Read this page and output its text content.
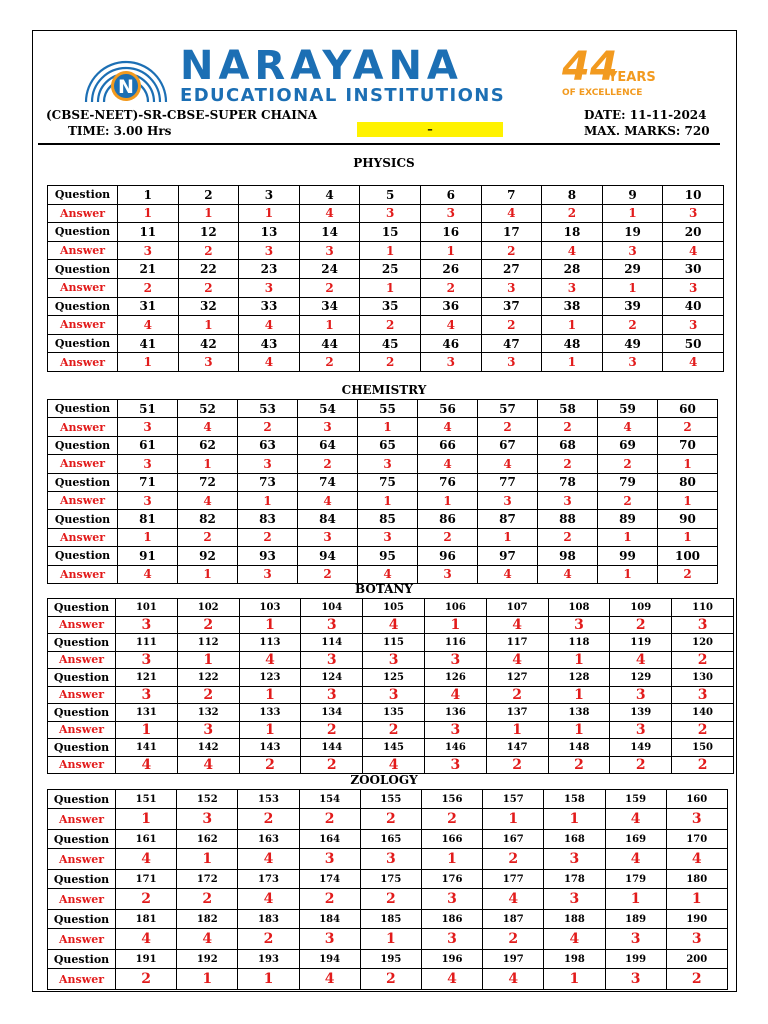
N NARAYANA
EDUCATIONAL INSTITUTIONS
44
YEARS
OF EXCELLENCE
(CBSE-NEET)-SR-CBSE-SUPER CHAINA
TIME: 3.00 Hrs	–
DATE: 11-11-2024
MAX. MARKS: 720
PHYSICS
Question	1	2	3	4	5	6	7	8	9	10
Answer	1	1	1	4	3	3	4	2	1	3
Question	11	12	13	14	15	16	17	18	19	20
Answer	3	2	3	3	1	1	2	4	3	4
Question	21	22	23	24	25	26	27	28	29	30
Answer	2	2	3	2	1	2	3	3	1	3
Question	31	32	33	34	35	36	37	38	39	40
Answer	4	1	4	1	2	4	2	1	2	3
Question	41	42	43	44	45	46	47	48	49	50
Answer	1	3	4	2	2	3	3	1	3	4
CHEMISTRY
Question	51	52	53	54	55	56	57	58	59	60
Answer	3	4	2	3	1	4	2	2	4	2
Question	61	62	63	64	65	66	67	68	69	70
Answer	3	1	3	2	3	4	4	2	2	1
Question	71	72	73	74	75	76	77	78	79	80
Answer	3	4	1	4	1	1	3	3	2	1
Question	81	82	83	84	85	86	87	88	89	90
Answer	1	2	2	3	3	2	1	2	1	1
Question	91	92	93	94	95	96	97	98	99	100
Answer	4	1	3	2	4	3	4	4	1	2
BOTANY
Question	101	102	103	104	105	106	107	108	109	110
Answer	3	2	1	3	4	1	4	3	2	3
Question	111	112	113	114	115	116	117	118	119	120
Answer	3	1	4	3	3	3	4	1	4	2
Question	121	122	123	124	125	126	127	128	129	130
Answer	3	2	1	3	3	4	2	1	3	3
Question	131	132	133	134	135	136	137	138	139	140
Answer	1	3	1	2	2	3	1	1	3	2
Question	141	142	143	144	145	146	147	148	149	150
Answer	4	4	2	2	4	3	2	2	2	2
ZOOLOGY
Question	151	152	153	154	155	156	157	158	159	160
Answer	1	3	2	2	2	2	1	1	4	3
Question	161	162	163	164	165	166	167	168	169	170
Answer	4	1	4	3	3	1	2	3	4	4
Question	171	172	173	174	175	176	177	178	179	180
Answer	2	2	4	2	2	3	4	3	1	1
Question	181	182	183	184	185	186	187	188	189	190
Answer	4	4	2	3	1	3	2	4	3	3
Question	191	192	193	194	195	196	197	198	199	200
Answer	2	1	1	4	2	4	4	1	3	2
